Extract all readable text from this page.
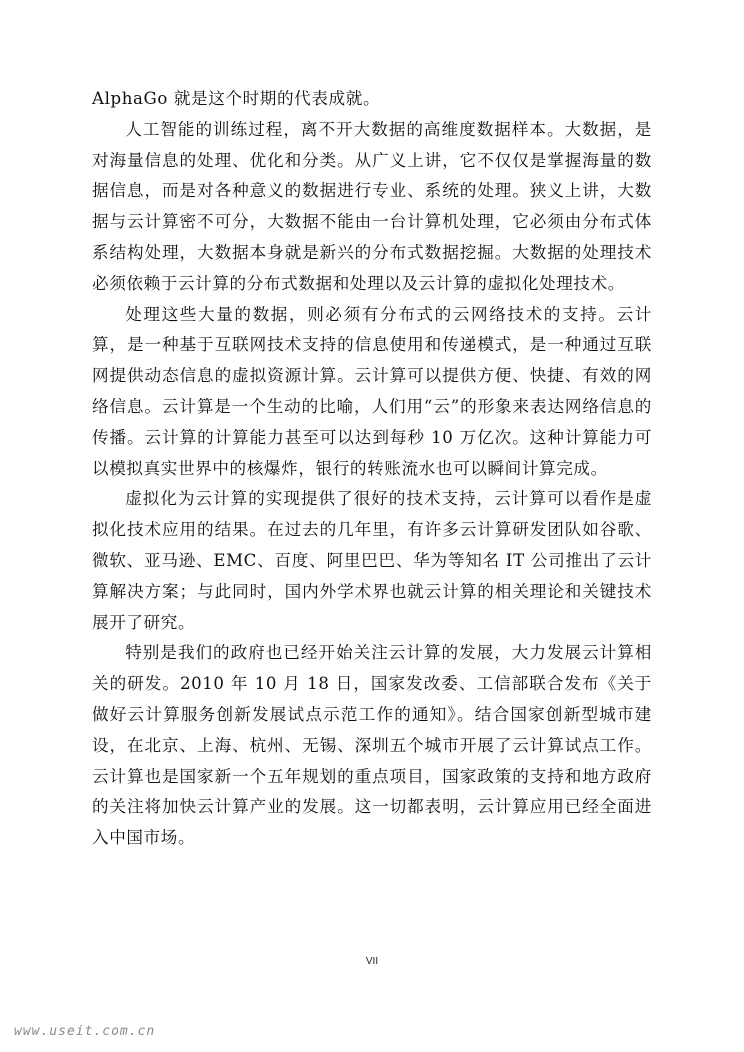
AlphaGo 就是这个时期的代表成就。

人工智能的训练过程，离不开大数据的高维度数据样本。大数据，是对海量信息的处理、优化和分类。从广义上讲，它不仅仅是掌握海量的数据信息，而是对各种意义的数据进行专业、系统的处理。狭义上讲，大数据与云计算密不可分，大数据不能由一台计算机处理，它必须由分布式体系结构处理，大数据本身就是新兴的分布式数据挖掘。大数据的处理技术必须依赖于云计算的分布式数据和处理以及云计算的虚拟化处理技术。

处理这些大量的数据，则必须有分布式的云网络技术的支持。云计算，是一种基于互联网技术支持的信息使用和传递模式，是一种通过互联网提供动态信息的虚拟资源计算。云计算可以提供方便、快捷、有效的网络信息。云计算是一个生动的比喻，人们用“云”的形象来表达网络信息的传播。云计算的计算能力甚至可以达到每秒 10 万亿次。这种计算能力可以模拟真实世界中的核爆炸，银行的转账流水也可以瞬间计算完成。

虚拟化为云计算的实现提供了很好的技术支持，云计算可以看作是虚拟化技术应用的结果。在过去的几年里，有许多云计算研发团队如谷歌、微软、亚马逊、EMC、百度、阿里巴巴、华为等知名 IT 公司推出了云计算解决方案；与此同时，国内外学术界也就云计算的相关理论和关键技术展开了研究。

特别是我们的政府也已经开始关注云计算的发展，大力发展云计算相关的研发。2010 年 10 月 18 日，国家发改委、工信部联合发布《关于做好云计算服务创新发展试点示范工作的通知》。结合国家创新型城市建设，在北京、上海、杭州、无锡、深圳五个城市开展了云计算试点工作。云计算也是国家新一个五年规划的重点项目，国家政策的支持和地方政府的关注将加快云计算产业的发展。这一切都表明，云计算应用已经全面进入中国市场。

VII
www.useit.com.cn
